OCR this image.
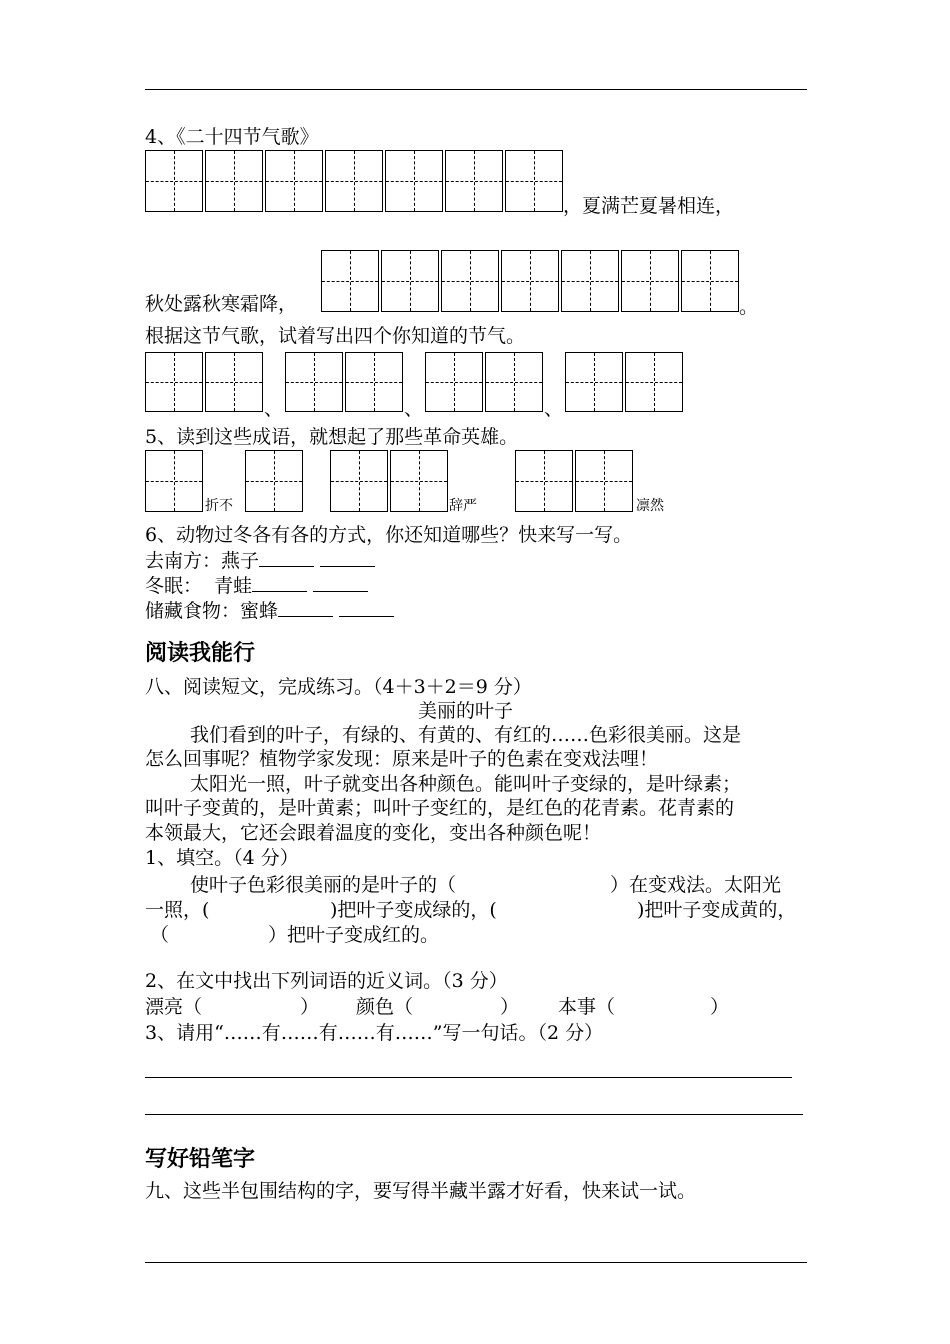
4、《二十四节气歌》
，夏满芒夏暑相连，
秋处露秋寒霜降，	。
根据这节气歌，试着写出四个你知道的节气。
、	、	、
5、读到这些成语，就想起了那些革命英雄。
折不	辞严	凛然
6、动物过冬各有各的方式，你还知道哪些？快来写一写。
去南方：燕子
冬眠：  青蛙
储藏食物：蜜蜂
阅读我能行
八、阅读短文，完成练习。（4＋3＋2＝9 分）
美丽的叶子
我们看到的叶子，有绿的、有黄的、有红的……色彩很美丽。这是
怎么回事呢？植物学家发现：原来是叶子的色素在变戏法哩！
太阳光一照，叶子就变出各种颜色。能叫叶子变绿的，是叶绿素；
叫叶子变黄的，是叶黄素；叫叶子变红的，是红色的花青素。花青素的
本领最大，它还会跟着温度的变化，变出各种颜色呢！
1、填空。（4 分）
使叶子色彩很美丽的是叶子的（	）在变戏法。太阳光
一照，(	)把叶子变成绿的，(	)把叶子变成黄的，
（	）把叶子变成红的。
2、在文中找出下列词语的近义词。（3 分）
漂亮（	） 颜色（	） 本事（	）
3、请用“……有……有……有……”写一句话。（2 分）
写好铅笔字
九、这些半包围结构的字，要写得半藏半露才好看，快来试一试。
